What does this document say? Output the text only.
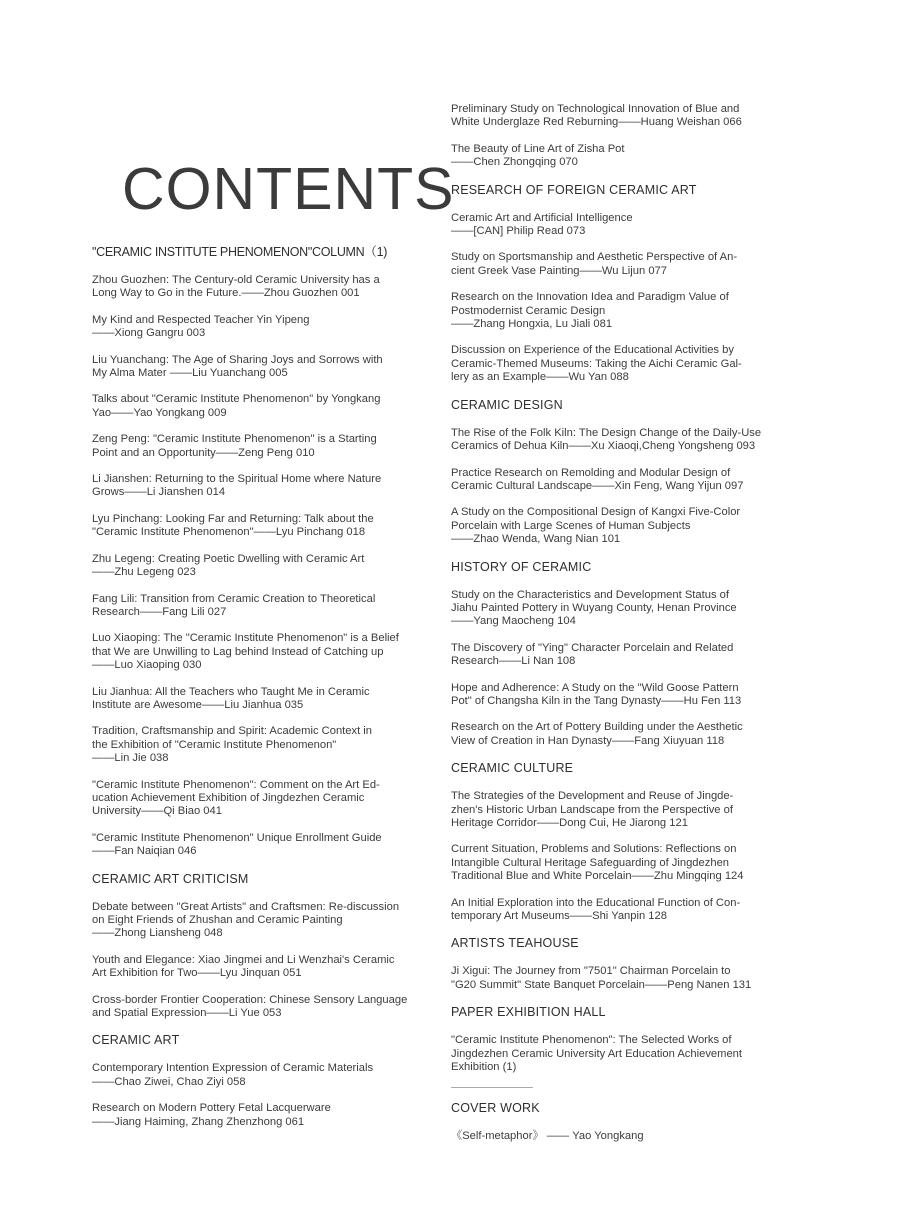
CONTENTS
"CERAMIC INSTITUTE PHENOMENON"COLUMN（1)
Zhou Guozhen: The Century-old Ceramic University has a
Long Way to Go in the Future.——Zhou Guozhen 001
My Kind and Respected Teacher Yin Yipeng
——Xiong Gangru 003
Liu Yuanchang: The Age of Sharing Joys and Sorrows with
My Alma Mater ——Liu Yuanchang 005
Talks about "Ceramic Institute Phenomenon" by Yongkang
Yao——Yao Yongkang 009
Zeng Peng: "Ceramic Institute Phenomenon" is a Starting
Point and an Opportunity——Zeng Peng 010
Li Jianshen: Returning to the Spiritual Home where Nature
Grows——Li Jianshen 014
Lyu Pinchang: Looking Far and Returning: Talk about the
"Ceramic Institute Phenomenon"——Lyu Pinchang 018
Zhu Legeng: Creating Poetic Dwelling with Ceramic Art
——Zhu Legeng 023
Fang Lili: Transition from Ceramic Creation to Theoretical
Research——Fang Lili 027
Luo Xiaoping: The "Ceramic Institute Phenomenon" is a Belief
that We are Unwilling to Lag behind Instead of Catching up
——Luo Xiaoping 030
Liu Jianhua: All the Teachers who Taught Me in Ceramic
Institute are Awesome——Liu Jianhua 035
Tradition, Craftsmanship and Spirit: Academic Context in
the Exhibition of "Ceramic Institute Phenomenon"
——Lin Jie 038
"Ceramic Institute Phenomenon": Comment on the Art Ed-
ucation Achievement Exhibition of Jingdezhen Ceramic
University——Qi Biao 041
"Ceramic Institute Phenomenon" Unique Enrollment Guide
——Fan Naiqian 046
CERAMIC ART CRITICISM
Debate between "Great Artists" and Craftsmen: Re-discussion
on Eight Friends of Zhushan and Ceramic Painting
——Zhong Liansheng 048
Youth and Elegance: Xiao Jingmei and Li Wenzhai's Ceramic
Art Exhibition for Two——Lyu Jinquan 051
Cross-border Frontier Cooperation: Chinese Sensory Language
and Spatial Expression——Li Yue 053
CERAMIC ART
Contemporary Intention Expression of Ceramic Materials
——Chao Ziwei, Chao Ziyi 058
Research on Modern Pottery Fetal Lacquerware
——Jiang Haiming, Zhang Zhenzhong 061
Preliminary Study on Technological Innovation of Blue and
White Underglaze Red Reburning——Huang Weishan 066
The Beauty of Line Art of Zisha Pot
——Chen Zhongqing 070
RESEARCH OF FOREIGN CERAMIC ART
Ceramic Art and Artificial Intelligence
——[CAN] Philip Read 073
Study on Sportsmanship and Aesthetic Perspective of An-
cient Greek Vase Painting——Wu Lijun 077
Research on the Innovation Idea and Paradigm Value of
Postmodernist Ceramic Design
——Zhang Hongxia, Lu Jiali 081
Discussion on Experience of the Educational Activities by
Ceramic-Themed Museums: Taking the Aichi Ceramic Gal-
lery as an Example——Wu Yan 088
CERAMIC DESIGN
The Rise of the Folk Kiln: The Design Change of the Daily-Use
Ceramics of Dehua Kiln——Xu Xiaoqi,Cheng Yongsheng 093
Practice Research on Remolding and Modular Design of
Ceramic Cultural Landscape——Xin Feng, Wang Yijun 097
A Study on the Compositional Design of Kangxi Five-Color
Porcelain with Large Scenes of Human Subjects
——Zhao Wenda, Wang Nian 101
HISTORY OF CERAMIC
Study on the Characteristics and Development Status of
Jiahu Painted Pottery in Wuyang County, Henan Province
——Yang Maocheng 104
The Discovery of "Ying" Character Porcelain and Related
Research——Li Nan 108
Hope and Adherence: A Study on the "Wild Goose Pattern
Pot" of Changsha Kiln in the Tang Dynasty——Hu Fen 113
Research on the Art of Pottery Building under the Aesthetic
View of Creation in Han Dynasty——Fang Xiuyuan 118
CERAMIC CULTURE
The Strategies of the Development and Reuse of Jingde-
zhen's Historic Urban Landscape from the Perspective of
Heritage Corridor——Dong Cui, He Jiarong 121
Current Situation, Problems and Solutions: Reflections on
Intangible Cultural Heritage Safeguarding of Jingdezhen
Traditional Blue and White Porcelain——Zhu Mingqing 124
An Initial Exploration into the Educational Function of Con-
temporary Art Museums——Shi Yanpin 128
ARTISTS TEAHOUSE
Ji Xigui: The Journey from "7501" Chairman Porcelain to
"G20 Summit" State Banquet Porcelain——Peng Nanen 131
PAPER EXHIBITION HALL
"Ceramic Institute Phenomenon": The Selected Works of
Jingdezhen Ceramic University Art Education Achievement
Exhibition (1)
COVER WORK
《Self-metaphor》 —— Yao Yongkang
